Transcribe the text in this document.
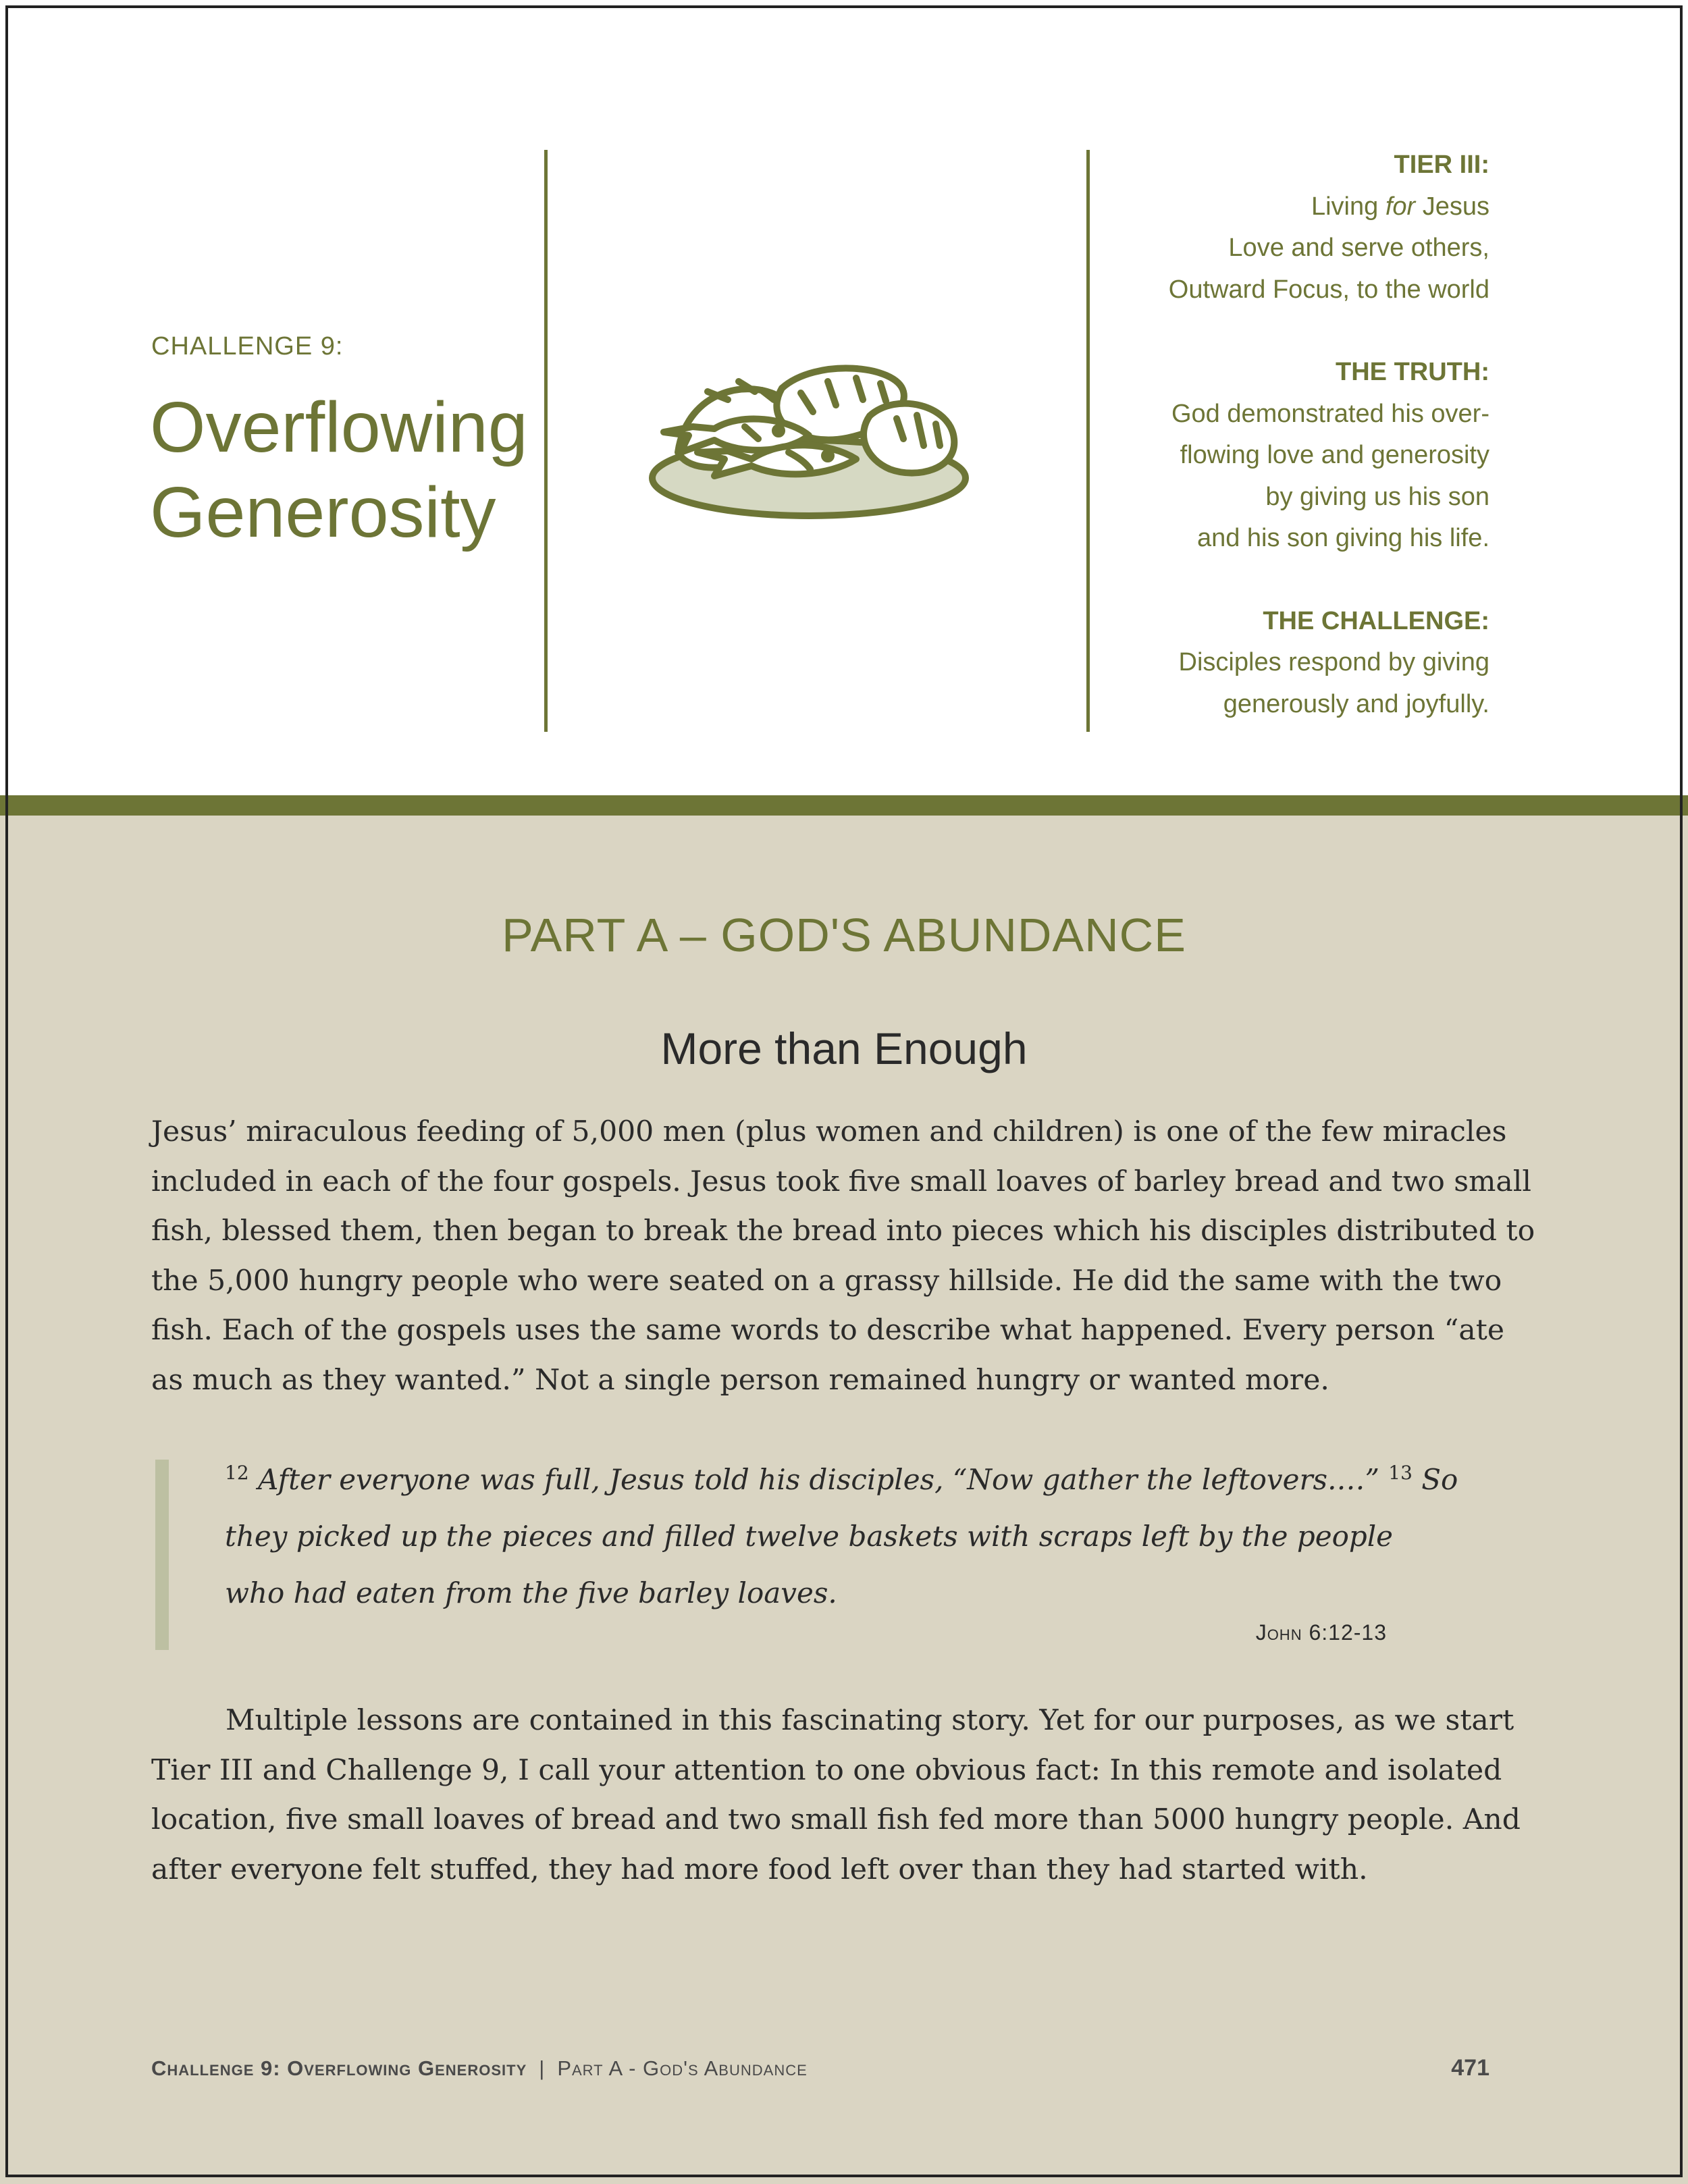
CHALLENGE 9:
Overflowing
Generosity
TIER III:
Living for Jesus
Love and serve others,
Outward Focus, to the world
THE TRUTH:
God demonstrated his over-
flowing love and generosity
by giving us his son
and his son giving his life.
THE CHALLENGE:
Disciples respond by giving
generously and joyfully.
PART A – GOD'S ABUNDANCE
More than Enough
Jesus’ miraculous feeding of 5,000 men (plus women and children) is one of the few miracles included in each of the four gospels. Jesus took five small loaves of barley bread and two small fish, blessed them, then began to break the bread into pieces which his disciples distributed to the 5,000 hungry people who were seated on a grassy hillside. He did the same with the two fish. Each of the gospels uses the same words to describe what happened. Every person “ate as much as they wanted.” Not a single person remained hungry or wanted more.
$^{12}$ After everyone was full, Jesus told his disciples, “Now gather the leftovers.…” $^{13}$ So they picked up the pieces and filled twelve baskets with scraps left by the people who had eaten from the five barley loaves.
John 6:12-13
Multiple lessons are contained in this fascinating story. Yet for our purposes, as we start Tier III and Challenge 9, I call your attention to one obvious fact: In this remote and isolated location, five small loaves of bread and two small fish fed more than 5000 hungry people. And after everyone felt stuffed, they had more food left over than they had started with.
Challenge 9: Overflowing Generosity | Part A - God's Abundance	471
